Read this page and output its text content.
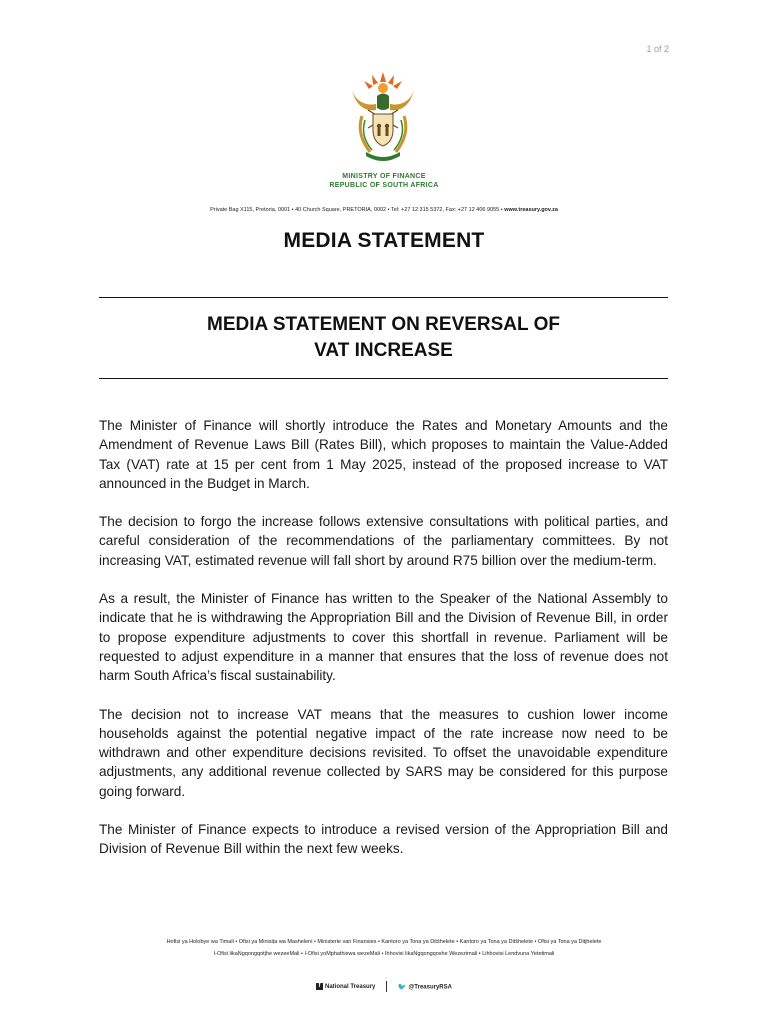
1 of 2
MINISTRY OF FINANCE
REPUBLIC OF SOUTH AFRICA
Private Bag X115, Pretoria, 0001 • 40 Church Square, PRETORIA, 0002 • Tel: +27 12 315 5372, Fax: +27 12 406 9055 • www.treasury.gov.za
MEDIA STATEMENT
MEDIA STATEMENT ON REVERSAL OF
VAT INCREASE

The Minister of Finance will shortly introduce the Rates and Monetary Amounts and the Amendment of Revenue Laws Bill (Rates Bill), which proposes to maintain the Value-Added Tax (VAT) rate at 15 per cent from 1 May 2025, instead of the proposed increase to VAT announced in the Budget in March.

The decision to forgo the increase follows extensive consultations with political parties, and careful consideration of the recommendations of the parliamentary committees. By not increasing VAT, estimated revenue will fall short by around R75 billion over the medium-term.

As a result, the Minister of Finance has written to the Speaker of the National Assembly to indicate that he is withdrawing the Appropriation Bill and the Division of Revenue Bill, in order to propose expenditure adjustments to cover this shortfall in revenue. Parliament will be requested to adjust expenditure in a manner that ensures that the loss of revenue does not harm South Africa’s fiscal sustainability.

The decision not to increase VAT means that the measures to cushion lower income households against the potential negative impact of the rate increase now need to be withdrawn and other expenditure decisions revisited. To offset the unavoidable expenditure adjustments, any additional revenue collected by SARS may be considered for this purpose going forward.

The Minister of Finance expects to introduce a revised version of the Appropriation Bill and Division of Revenue Bill within the next few weeks.

Hofisi ya Holobye wa Timali • Ofisi ya Minisiṭa wa Masheleni • Ministerie van Finansies • Kantoro ya Tona ya Ditšhelete • Kantoro ya Tona ya Ditšhelete • Ofisi ya Tona ya Ditjhelete
I-Ofisi likaNgqongqotjhe wezeeMali • I-Ofisi yoMphathiswa wezeMali • Ihhovisi likaNgqongqoshe Wezezimali • Lihhovisi Lendvuna Yetetimali
f National Treasury	🐦 @TreasuryRSA
